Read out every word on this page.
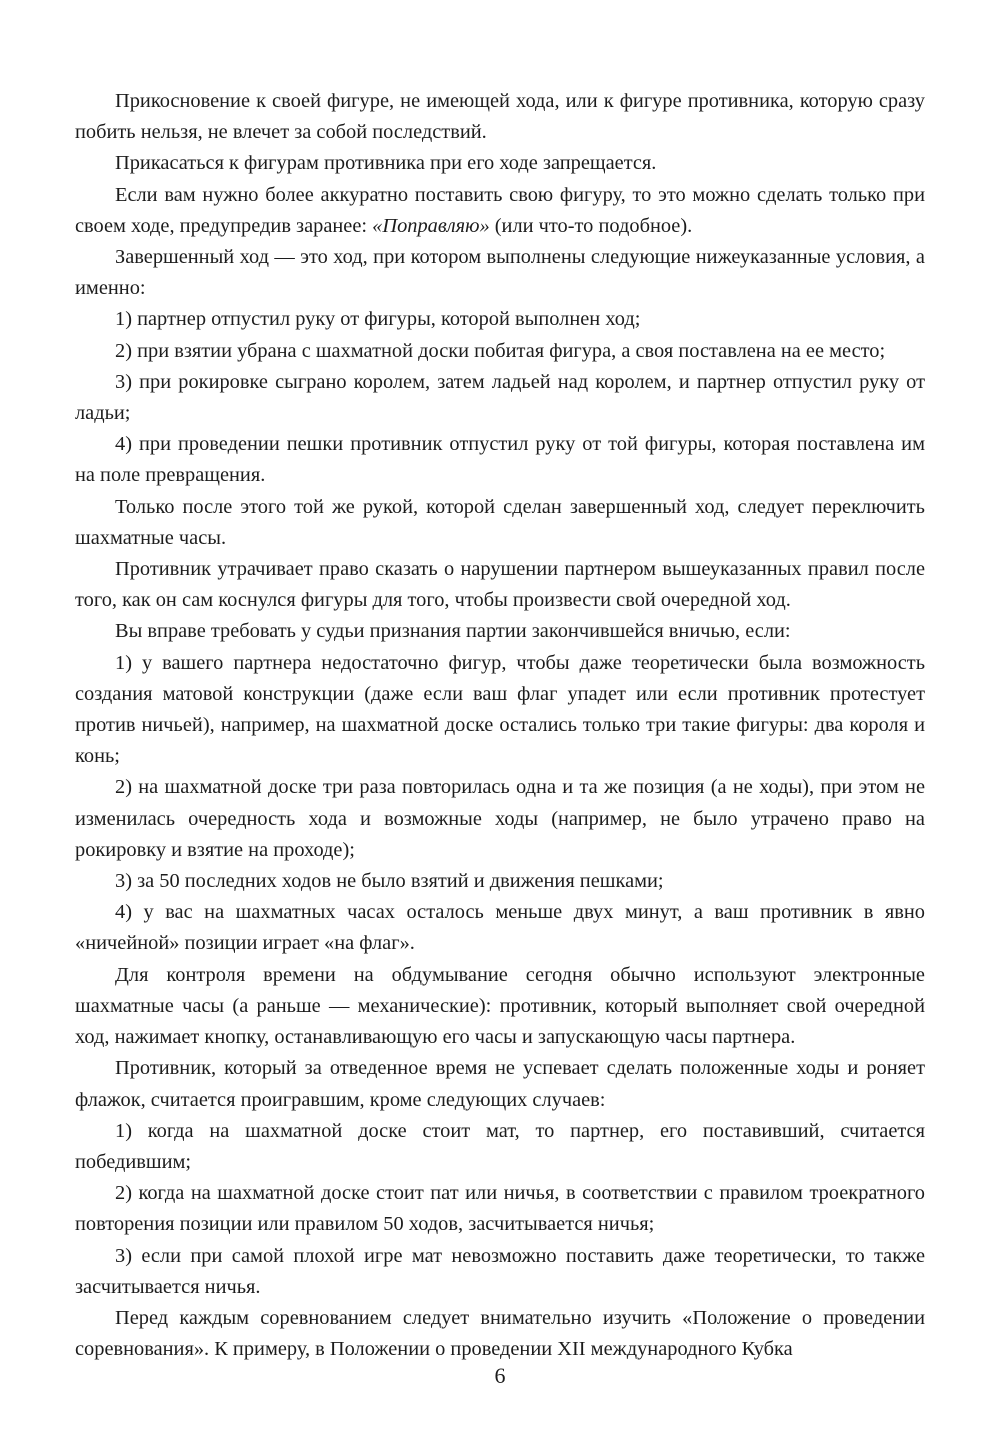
Прикосновение к своей фигуре, не имеющей хода, или к фигуре противника, которую сразу побить нельзя, не влечет за собой последствий.

Прикасаться к фигурам противника при его ходе запрещается.

Если вам нужно более аккуратно поставить свою фигуру, то это можно сделать только при своем ходе, предупредив заранее: «Поправляю» (или что-то подобное).

Завершенный ход — это ход, при котором выполнены следующие нижеуказанные условия, а именно:

1) партнер отпустил руку от фигуры, которой выполнен ход;

2) при взятии убрана с шахматной доски побитая фигура, а своя поставлена на ее место;

3) при рокировке сыграно королем, затем ладьей над королем, и партнер отпустил руку от ладьи;

4) при проведении пешки противник отпустил руку от той фигуры, которая поставлена им на поле превращения.

Только после этого той же рукой, которой сделан завершенный ход, следует переключить шахматные часы.

Противник утрачивает право сказать о нарушении партнером вышеуказанных правил после того, как он сам коснулся фигуры для того, чтобы произвести свой очередной ход.

Вы вправе требовать у судьи признания партии закончившейся вничью, если:

1) у вашего партнера недостаточно фигур, чтобы даже теоретически была возможность создания матовой конструкции (даже если ваш флаг упадет или если противник протестует против ничьей), например, на шахматной доске остались только три такие фигуры: два короля и конь;

2) на шахматной доске три раза повторилась одна и та же позиция (а не ходы), при этом не изменилась очередность хода и возможные ходы (например, не было утрачено право на рокировку и взятие на проходе);

3) за 50 последних ходов не было взятий и движения пешками;

4) у вас на шахматных часах осталось меньше двух минут, а ваш противник в явно «ничейной» позиции играет «на флаг».

Для контроля времени на обдумывание сегодня обычно используют электронные шахматные часы (а раньше — механические): противник, который выполняет свой очередной ход, нажимает кнопку, останавливающую его часы и запускающую часы партнера.

Противник, который за отведенное время не успевает сделать положенные ходы и роняет флажок, считается проигравшим, кроме следующих случаев:

1) когда на шахматной доске стоит мат, то партнер, его поставивший, считается победившим;

2) когда на шахматной доске стоит пат или ничья, в соответствии с правилом троекратного повторения позиции или правилом 50 ходов, засчитывается ничья;

3) если при самой плохой игре мат невозможно поставить даже теоретически, то также засчитывается ничья.

Перед каждым соревнованием следует внимательно изучить «Положение о проведении соревнования». К примеру, в Положении о проведении XII международного Кубка

6
